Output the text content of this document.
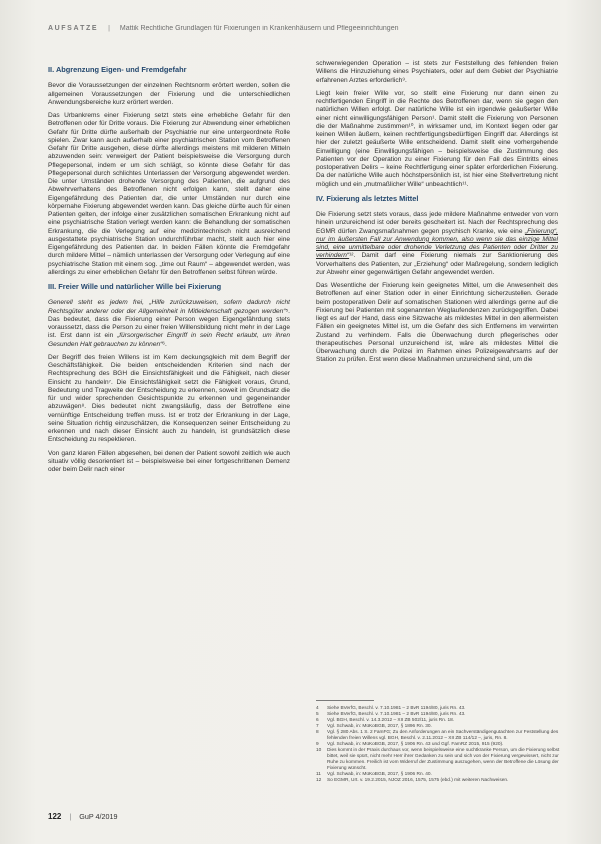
AUFSÄTZE | Mattik Rechtliche Grundlagen für Fixierungen in Krankenhäusern und Pflegeeinrichtungen
II. Abgrenzung Eigen- und Fremdgefahr

Bevor die Voraussetzungen der einzelnen Rechtsnorm erörtert werden, sollen die allgemeinen Voraussetzungen der Fixierung und die unterschiedlichen Anwendungsbereiche kurz erörtert werden.

Das Urbankrems einer Fixierung setzt stets eine erhebliche Gefahr für den Betroffenen oder für Dritte voraus. Die Fixierung zur Abwendung einer erheblichen Gefahr für Dritte dürfte außerhalb der Psychiatrie nur eine untergeordnete Rolle spielen. Zwar kann auch außerhalb einer psychiatrischen Station vom Betroffenen Gefahr für Dritte ausgehen, diese dürfte allerdings meistens mit milderen Mitteln abzuwenden sein: verweigert der Patient beispielsweise die Versorgung durch Pflegepersonal, indem er um sich schlägt, so könnte diese Gefahr für das Pflegepersonal durch schlichtes Unterlassen der Versorgung abgewendet werden. Die unter Umständen drohende Versorgung des Patienten, die aufgrund des Abwehrverhaltens des Betroffenen nicht erfolgen kann, stellt daher eine Eigengefährdung des Patienten dar, die unter Umständen nur durch eine körpernahe Fixierung abgewendet werden kann. Das gleiche dürfte auch für einen Patienten gelten, der infolge einer zusätzlichen somatischen Erkrankung nicht auf eine psychiatrische Station verlegt werden kann: die Behandlung der somatischen Erkrankung, die die Verlegung auf eine medizintechnisch nicht ausreichend ausgestattete psychiatrische Station undurchführbar macht, stellt auch hier eine Eigengefährdung des Patienten dar. In beiden Fällen könnte die Fremdgefahr durch mildere Mittel – nämlich unterlassen der Versorgung oder Verlegung auf eine psychiatrische Station mit einem sog. „time out Raum“ – abgewendet werden, was allerdings zu einer erheblichen Gefahr für den Betroffenen selbst führen würde.

III. Freier Wille und natürlicher Wille bei Fixierung

Generell steht es jedem frei, „Hilfe zurückzuweisen, sofern dadurch nicht Rechtsgüter anderer oder der Allgemeinheit in Mitleidenschaft gezogen werden“⁵. Das bedeutet, dass die Fixierung einer Person wegen Eigengefährdung stets voraussetzt, dass die Person zu einer freien Willensbildung nicht mehr in der Lage ist. Erst dann ist ein „fürsorgerischer Eingriff in sein Recht erlaubt, um ihren Gesunden Halt gebrauchen zu können“⁶.

Der Begriff des freien Willens ist im Kern deckungsgleich mit dem Begriff der Geschäftsfähigkeit. Die beiden entscheidenden Kriterien sind nach der Rechtsprechung des BGH die Einsichtsfähigkeit und die Fähigkeit, nach dieser Einsicht zu handeln⁷. Die Einsichtsfähigkeit setzt die Fähigkeit voraus, Grund, Bedeutung und Tragweite der Entscheidung zu erkennen, soweit im Grundsatz die für und wider sprechenden Gesichtspunkte zu erkennen und gegeneinander abzuwägen⁸. Dies bedeutet nicht zwangsläufig, dass der Betroffene eine vernünftige Entscheidung treffen muss. Ist er trotz der Erkrankung in der Lage, seine Situation richtig einzuschätzen, die Konsequenzen seiner Entscheidung zu erkennen und nach dieser Einsicht auch zu handeln, ist grundsätzlich diese Entscheidung zu respektieren.

Von ganz klaren Fällen abgesehen, bei denen der Patient sowohl zeitlich wie auch situativ völlig desorientiert ist – beispielsweise bei einer fortgeschrittenen Demenz oder beim Delir nach einer

schwerwiegenden Operation – ist stets zur Feststellung des fehlenden freien Willens die Hinzuziehung eines Psychiaters, oder auf dem Gebiet der Psychiatrie erfahrenen Arztes erforderlich⁹.

Liegt kein freier Wille vor, so stellt eine Fixierung nur dann einen zu rechtfertigenden Eingriff in die Rechte des Betroffenen dar, wenn sie gegen den natürlichen Willen erfolgt. Der natürliche Wille ist ein irgendwie geäußerter Wille einer nicht einwilligungsfähigen Person¹. Damit stellt die Fixierung von Personen die der Maßnahme zustimmen¹⁰, in wirksamer und, im Kontext liegen oder gar keinen Willen äußern, keinen rechtfertigungsbedürftigen Eingriff dar. Allerdings ist hier der zuletzt geäußerte Wille entscheidend. Damit stellt eine vorhergehende Einwilligung (eine Einwilligungsfähigen – beispielsweise die Zustimmung des Patienten vor der Operation zu einer Fixierung für den Fall des Eintritts eines postoperativen Delirs – keine Rechtfertigung einer später erforderlichen Fixierung. Da der natürliche Wille auch höchstpersönlich ist, ist hier eine Stellvertretung nicht möglich und ein „mutmaßlicher Wille“ unbeachtlich¹¹.

IV. Fixierung als letztes Mittel

Die Fixierung setzt stets voraus, dass jede mildere Maßnahme entweder von vorn hinein unzureichend ist oder bereits gescheitert ist. Nach der Rechtsprechung des EGMR dürfen Zwangsmaßnahmen gegen psychisch Kranke, wie eine „Fixierung“, nur im äußersten Fall zur Anwendung kommen, also wenn sie das einzige Mittel sind, eine unmittelbare oder drohende Verletzung des Patienten oder Dritter zu verhindern“¹². Damit darf eine Fixierung niemals zur Sanktionierung des Vorverhaltens des Patienten, zur „Erziehung“ oder Maßregelung, sondern lediglich zur Abwehr einer gegenwärtigen Gefahr angewendet werden.

Das Wesentliche der Fixierung kein geeignetes Mittel, um die Anwesenheit des Betroffenen auf einer Station oder in einer Einrichtung sicherzustellen. Gerade beim postoperativen Delir auf somatischen Stationen wird allerdings gerne auf die Fixierung bei Patienten mit sogenannten Weglaufendenzen zurückgegriffen. Dabei liegt es auf der Hand, dass eine Sitzwache als mildestes Mittel in den allermeisten Fällen ein geeignetes Mittel ist, um die Gefahr des sich Entfernens im verwirrten Zustand zu verhindern. Falls die Überwachung durch pflegerisches oder therapeutisches Personal unzureichend ist, wäre als mildestes Mittel die Überwachung durch die Polizei im Rahmen eines Polizeigewahrsams auf der Station zu prüfen. Erst wenn diese Maßnahmen unzureichend sind, um die

4	Siehe BVerfG, Beschl. v. 7.10.1981 – 2 BvR 1194/80, juris Rn. 43.
5	Siehe BVerfG, Beschl. v. 7.10.1981 – 2 BvR 1194/80, juris Rn. 43.
6	Vgl. BGH, Beschl. v. 14.3.2012 – XII ZB 502/11, juris Rn. 18.
7	Vgl. Schwab, in: MüKoBGB, 2017, § 1896 Rn. 30.
8	Vgl. § 280 Abs. 1 S. 2 FamFG; Zu den Anforderungen an ein Sachverständigengutachten zur Feststellung des fehlenden freien Willens vgl. BGH, Beschl. v. 2.11.2012 – XII ZB 114/12 –, juris, Rn. 8.
9	Vgl. Schwab, in: MüKoBGB, 2017, § 1906 Rn. 43 und Ggf. FamRZ 2015, 915 (920).
10	Dies kommt in der Praxis durchaus vor, wenn beispielsweise eine suchtkranke Person, um die Fixierung selbst bittet, weil sie spürt, nicht mehr Herr ihrer Gedanken zu sein und sich von der Fixierung vergewissert, nicht zur Ruhe zu kommen. Freilich ist vom Widerruf der Zustimmung auszugehen, wenn der Betroffene die Lösung der Fixierung wünscht.
11	Vgl. Schwab, in: MüKoBGB, 2017, § 1906 Rn. 40.
12	So EGMR, Urt. v. 19.2.2015, NJOZ 2016, 1575, 1575 (ebd.) mit weiteren Nachweisen.
122 | GuP 4/2019
